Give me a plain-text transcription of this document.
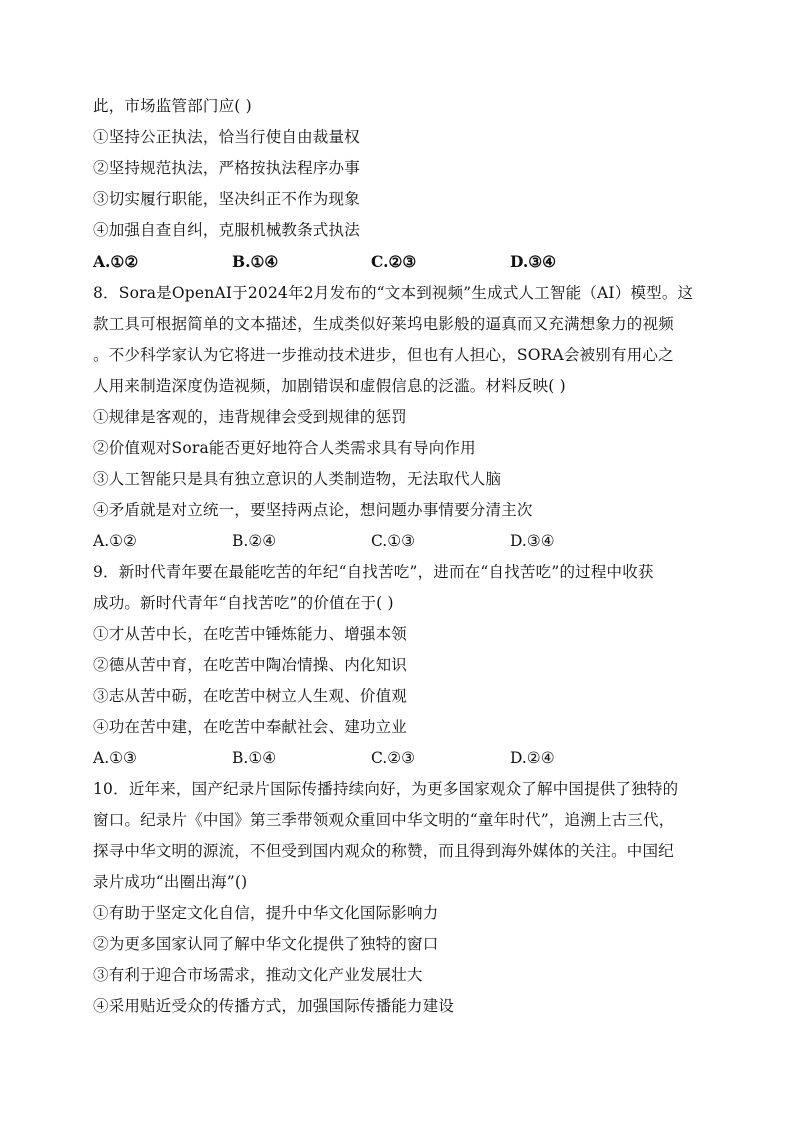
此，市场监管部门应( )
①坚持公正执法，恰当行使自由裁量权
②坚持规范执法，严格按执法程序办事
③切实履行职能，坚决纠正不作为现象
④加强自查自纠，克服机械教条式执法
A.①②	B.①④	C.②③	D.③④
8．Sora是OpenAI于2024年2月发布的“文本到视频”生成式人工智能（AI）模型。这
款工具可根据简单的文本描述，生成类似好莱坞电影般的逼真而又充满想象力的视频
。不少科学家认为它将进一步推动技术进步，但也有人担心，SORA会被别有用心之
人用来制造深度伪造视频，加剧错误和虚假信息的泛滥。材料反映( )
①规律是客观的，违背规律会受到规律的惩罚
②价值观对Sora能否更好地符合人类需求具有导向作用
③人工智能只是具有独立意识的人类制造物，无法取代人脑
④矛盾就是对立统一，要坚持两点论，想问题办事情要分清主次
A.①②	B.②④	C.①③	D.③④
9．新时代青年要在最能吃苦的年纪“自找苦吃”，进而在“自找苦吃”的过程中收获
成功。新时代青年“自找苦吃”的价值在于( )
①才从苦中长，在吃苦中锤炼能力、增强本领
②德从苦中育，在吃苦中陶冶情操、内化知识
③志从苦中砺，在吃苦中树立人生观、价值观
④功在苦中建，在吃苦中奉献社会、建功立业
A.①③	B.①④	C.②③	D.②④
10．近年来，国产纪录片国际传播持续向好，为更多国家观众了解中国提供了独特的
窗口。纪录片《中国》第三季带领观众重回中华文明的“童年时代”，追溯上古三代，
探寻中华文明的源流，不但受到国内观众的称赞，而且得到海外媒体的关注。中国纪
录片成功“出圈出海”()
①有助于坚定文化自信，提升中华文化国际影响力
②为更多国家认同了解中华文化提供了独特的窗口
③有利于迎合市场需求，推动文化产业发展壮大
④采用贴近受众的传播方式，加强国际传播能力建设
